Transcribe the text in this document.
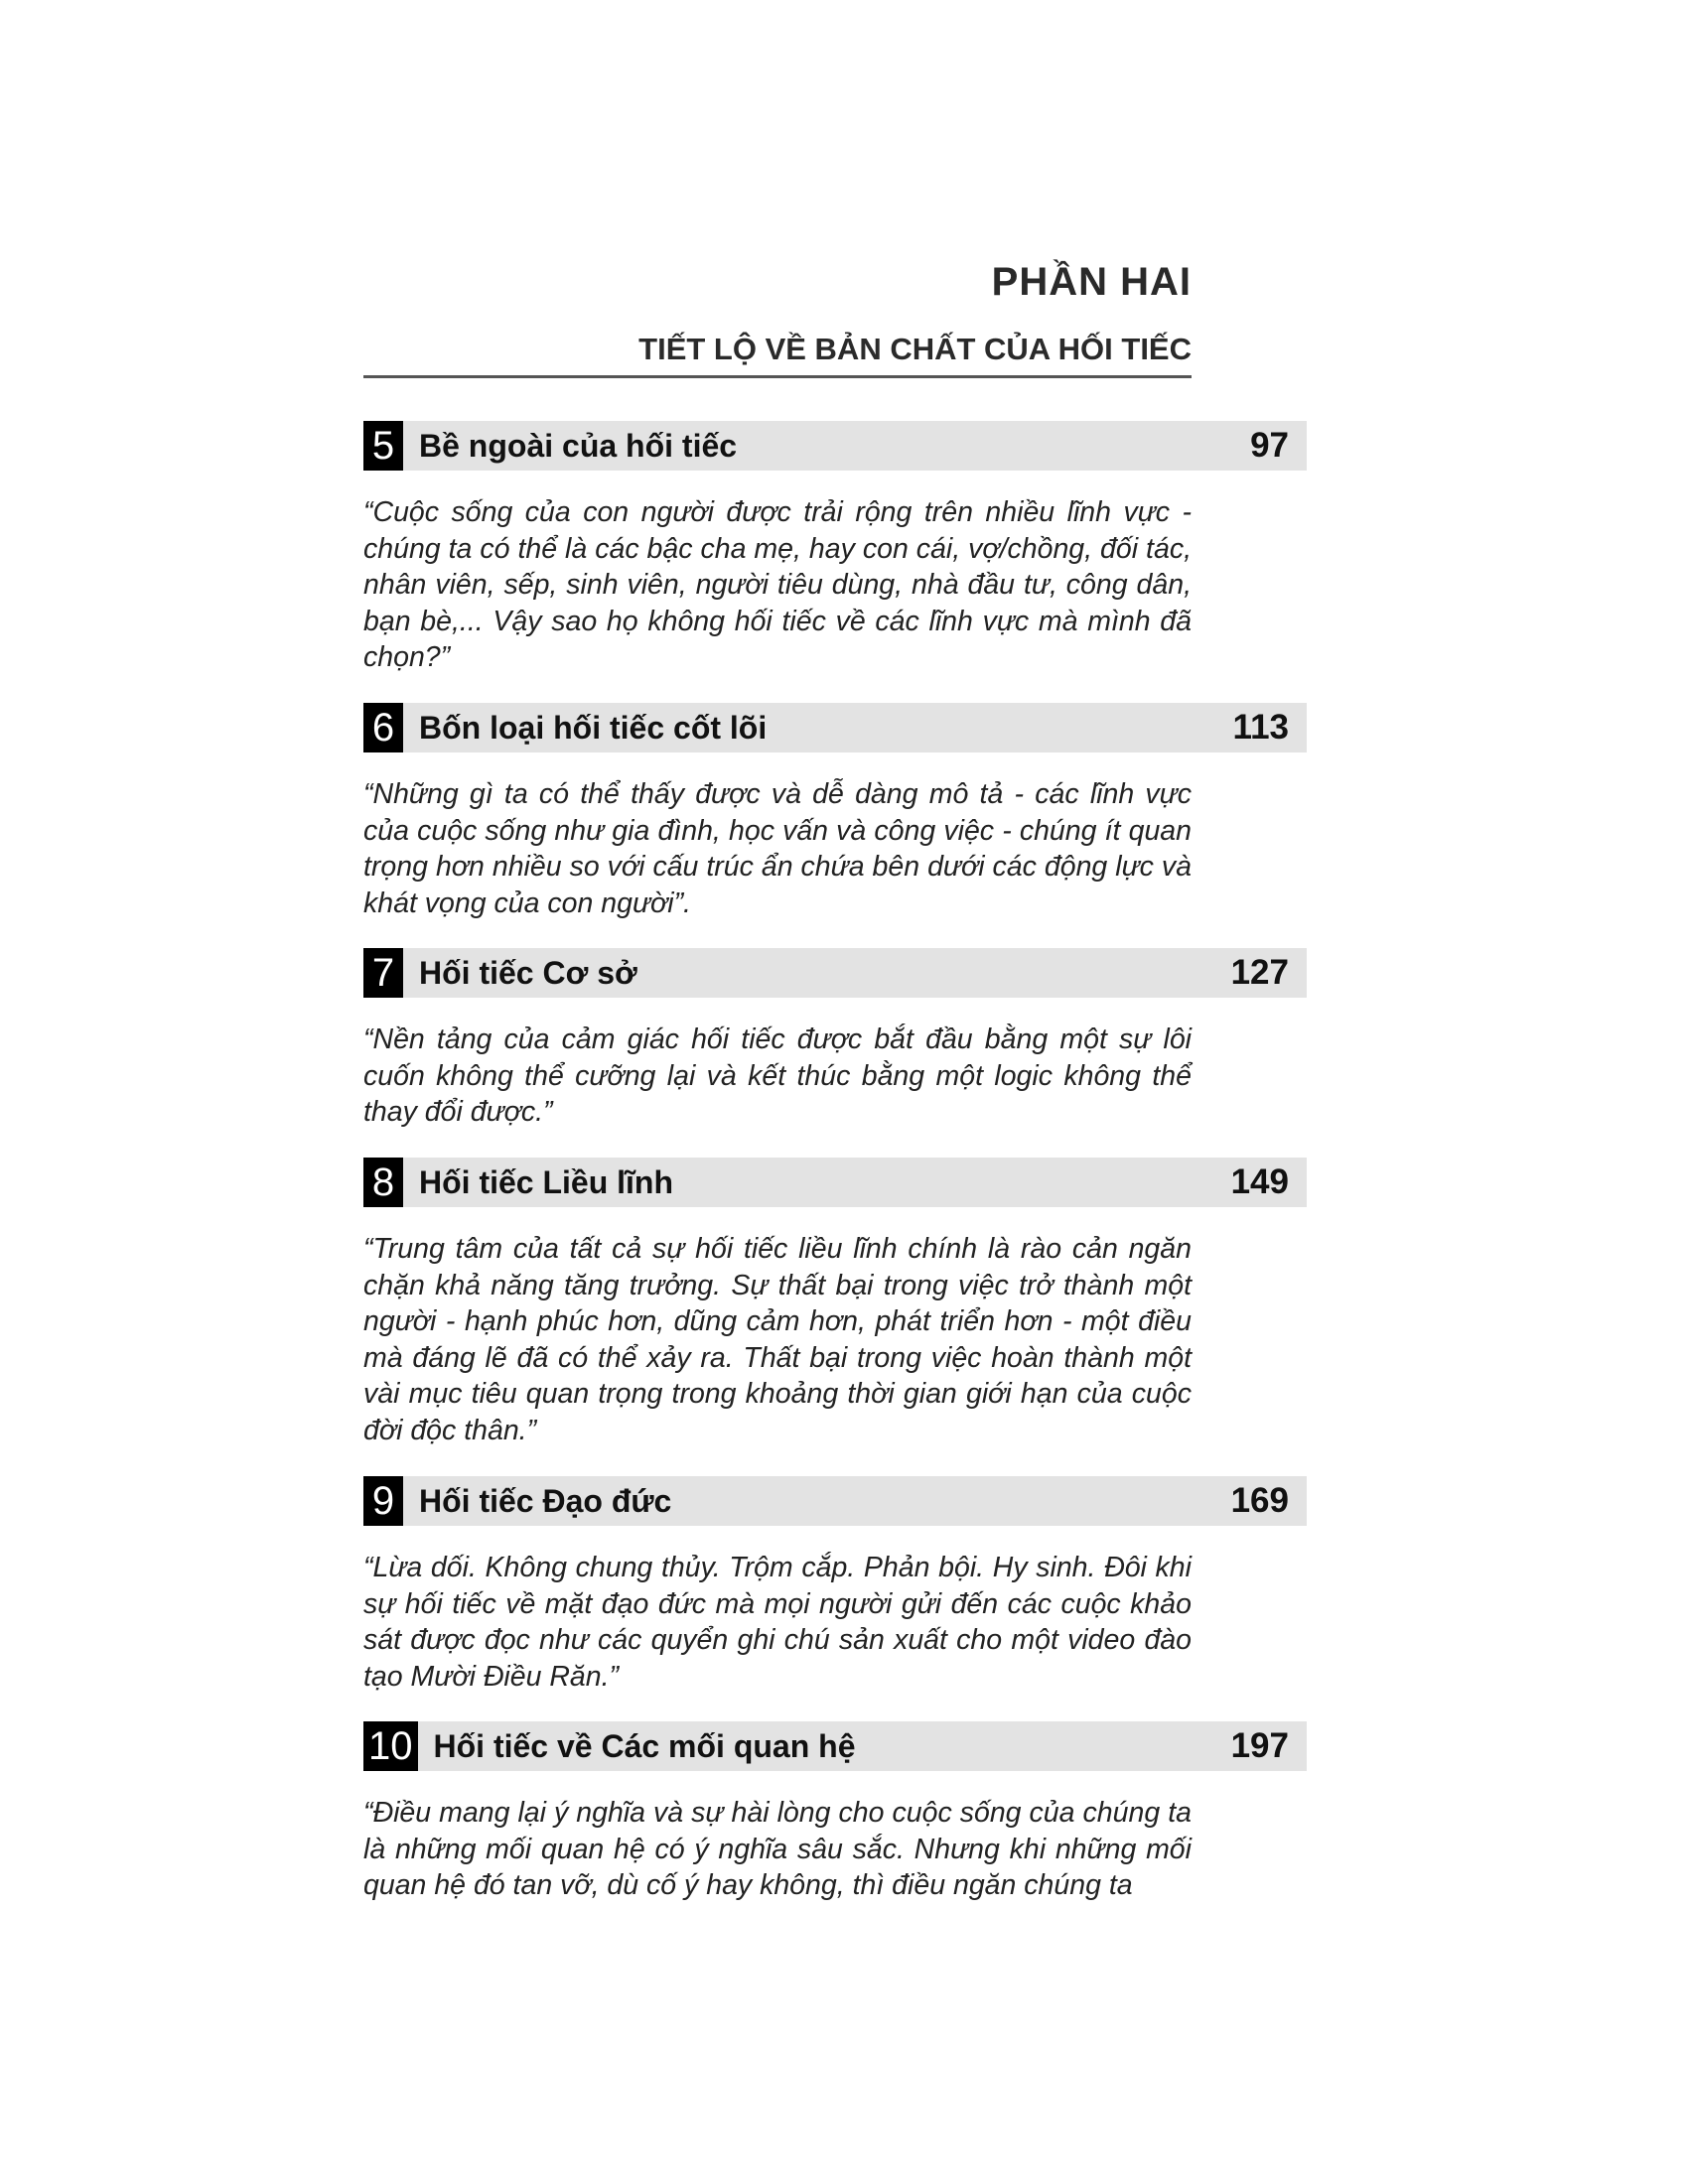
PHẦN HAI
TIẾT LỘ VỀ BẢN CHẤT CỦA HỐI TIẾC
5 Bề ngoài của hối tiếc	97
“Cuộc sống của con người được trải rộng trên nhiều lĩnh vực - chúng ta có thể là các bậc cha mẹ, hay con cái, vợ/chồng, đối tác, nhân viên, sếp, sinh viên, người tiêu dùng, nhà đầu tư, công dân, bạn bè,... Vậy sao họ không hối tiếc về các lĩnh vực mà mình đã chọn?”
6 Bốn loại hối tiếc cốt lõi	113
“Những gì ta có thể thấy được và dễ dàng mô tả - các lĩnh vực của cuộc sống như gia đình, học vấn và công việc - chúng ít quan trọng hơn nhiều so với cấu trúc ẩn chứa bên dưới các động lực và khát vọng của con người”.
7 Hối tiếc Cơ sở	127
“Nền tảng của cảm giác hối tiếc được bắt đầu bằng một sự lôi cuốn không thể cưỡng lại và kết thúc bằng một logic không thể thay đổi được.”
8 Hối tiếc Liều lĩnh	149
“Trung tâm của tất cả sự hối tiếc liều lĩnh chính là rào cản ngăn chặn khả năng tăng trưởng. Sự thất bại trong việc trở thành một người - hạnh phúc hơn, dũng cảm hơn, phát triển hơn - một điều mà đáng lẽ đã có thể xảy ra. Thất bại trong việc hoàn thành một vài mục tiêu quan trọng trong khoảng thời gian giới hạn của cuộc đời độc thân.”
9 Hối tiếc Đạo đức	169
“Lừa dối. Không chung thủy. Trộm cắp. Phản bội. Hy sinh. Đôi khi sự hối tiếc về mặt đạo đức mà mọi người gửi đến các cuộc khảo sát được đọc như các quyển ghi chú sản xuất cho một video đào tạo Mười Điều Răn.”
10 Hối tiếc về Các mối quan hệ	197
“Điều mang lại ý nghĩa và sự hài lòng cho cuộc sống của chúng ta là những mối quan hệ có ý nghĩa sâu sắc. Nhưng khi những mối quan hệ đó tan vỡ, dù cố ý hay không, thì điều ngăn chúng ta
